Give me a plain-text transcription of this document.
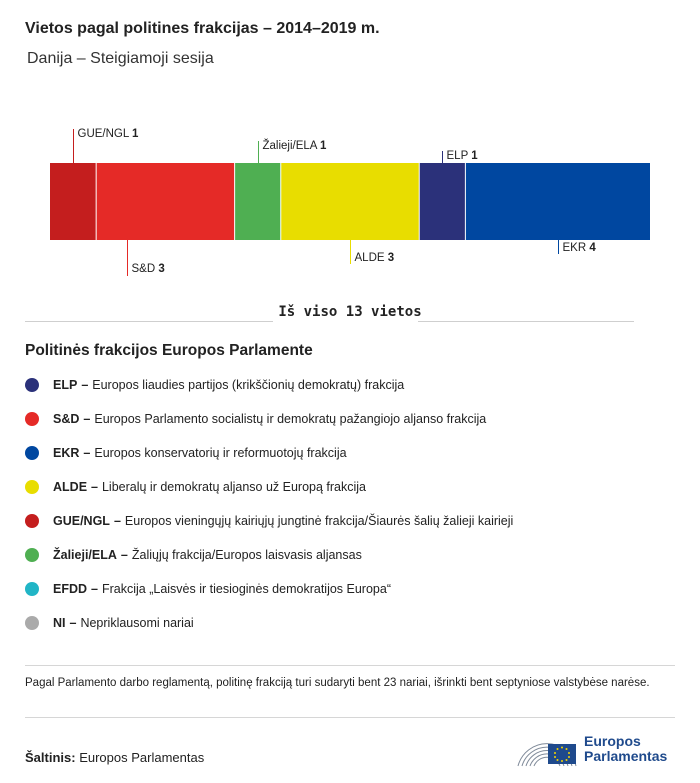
Vietos pagal politines frakcijas – 2014–2019 m.
Danija – Steigiamoji sesija
GUE/NGL 1
S&D 3
Žalieji/ELA 1
ALDE 3
ELP 1
EKR 4
Iš viso 13 vietos
Politinės frakcijos Europos Parlamente
ELP – Europos liaudies partijos (krikščionių demokratų) frakcija
S&D – Europos Parlamento socialistų ir demokratų pažangiojo aljanso frakcija
EKR – Europos konservatorių ir reformuotojų frakcija
ALDE – Liberalų ir demokratų aljanso už Europą frakcija
GUE/NGL – Europos vieningųjų kairiųjų jungtinė frakcija/Šiaurės šalių žalieji kairieji
Žalieji/ELA – Žaliųjų frakcija/Europos laisvasis aljansas
EFDD – Frakcija „Laisvės ir tiesioginės demokratijos Europa“
NI – Nepriklausomi nariai
Pagal Parlamento darbo reglamentą, politinę frakciją turi sudaryti bent 23 nariai, išrinkti bent septyniose valstybėse narėse.
Šaltinis: Europos Parlamentas
Europos
Parlamentas
